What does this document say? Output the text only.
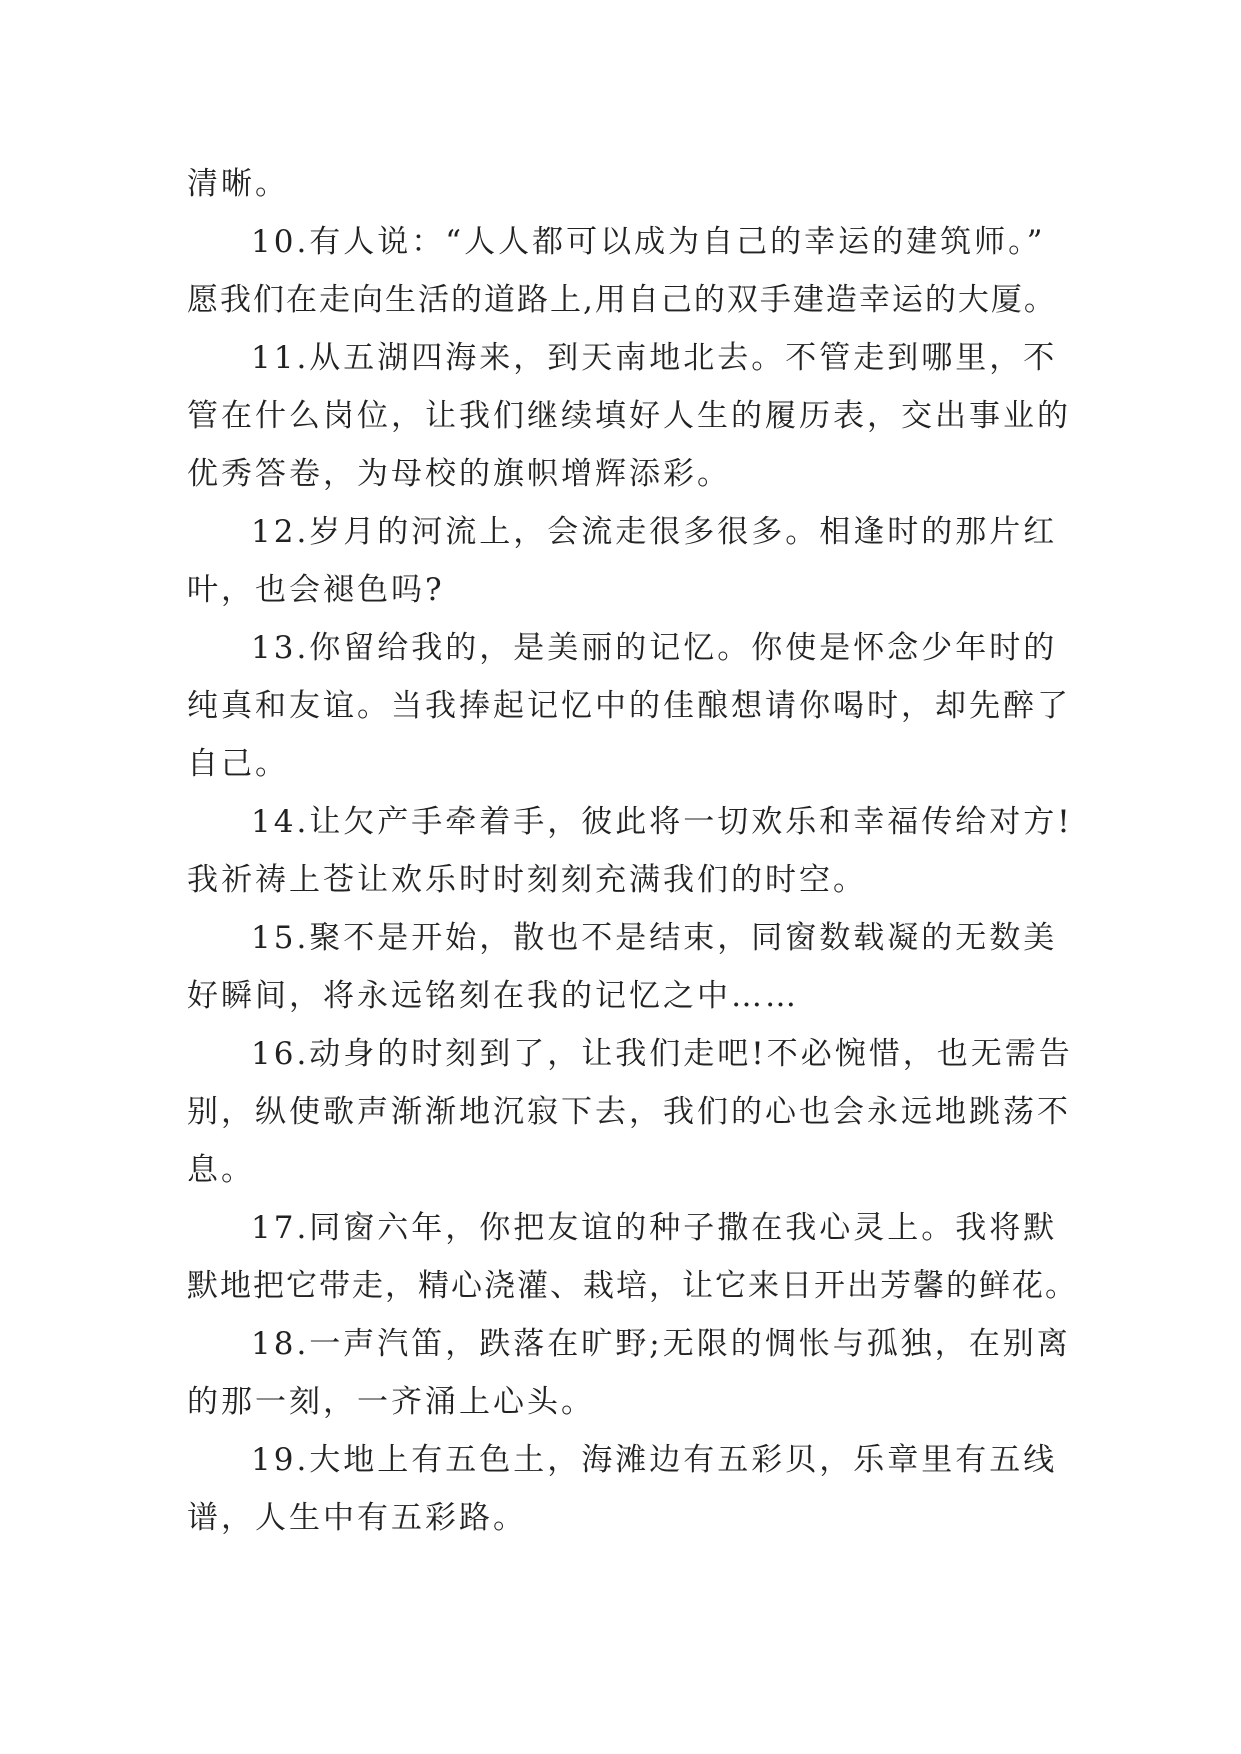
清晰。

10.有人说：“人人都可以成为自己的幸运的建筑师。”
愿我们在走向生活的道路上,用自己的双手建造幸运的大厦。

11.从五湖四海来，到天南地北去。不管走到哪里，不
管在什么岗位，让我们继续填好人生的履历表，交出事业的
优秀答卷，为母校的旗帜增辉添彩。

12.岁月的河流上，会流走很多很多。相逢时的那片红
叶，也会褪色吗?

13.你留给我的，是美丽的记忆。你使是怀念少年时的
纯真和友谊。当我捧起记忆中的佳酿想请你喝时，却先醉了
自己。

14.让欠产手牵着手，彼此将一切欢乐和幸福传给对方!
我祈祷上苍让欢乐时时刻刻充满我们的时空。

15.聚不是开始，散也不是结束，同窗数载凝的无数美
好瞬间，将永远铭刻在我的记忆之中……

16.动身的时刻到了，让我们走吧!不必惋惜，也无需告
别，纵使歌声渐渐地沉寂下去，我们的心也会永远地跳荡不
息。

17.同窗六年，你把友谊的种子撒在我心灵上。我将默
默地把它带走，精心浇灌、栽培，让它来日开出芳馨的鲜花。

18.一声汽笛，跌落在旷野;无限的惆怅与孤独，在别离
的那一刻，一齐涌上心头。

19.大地上有五色土，海滩边有五彩贝，乐章里有五线
谱，人生中有五彩路。
